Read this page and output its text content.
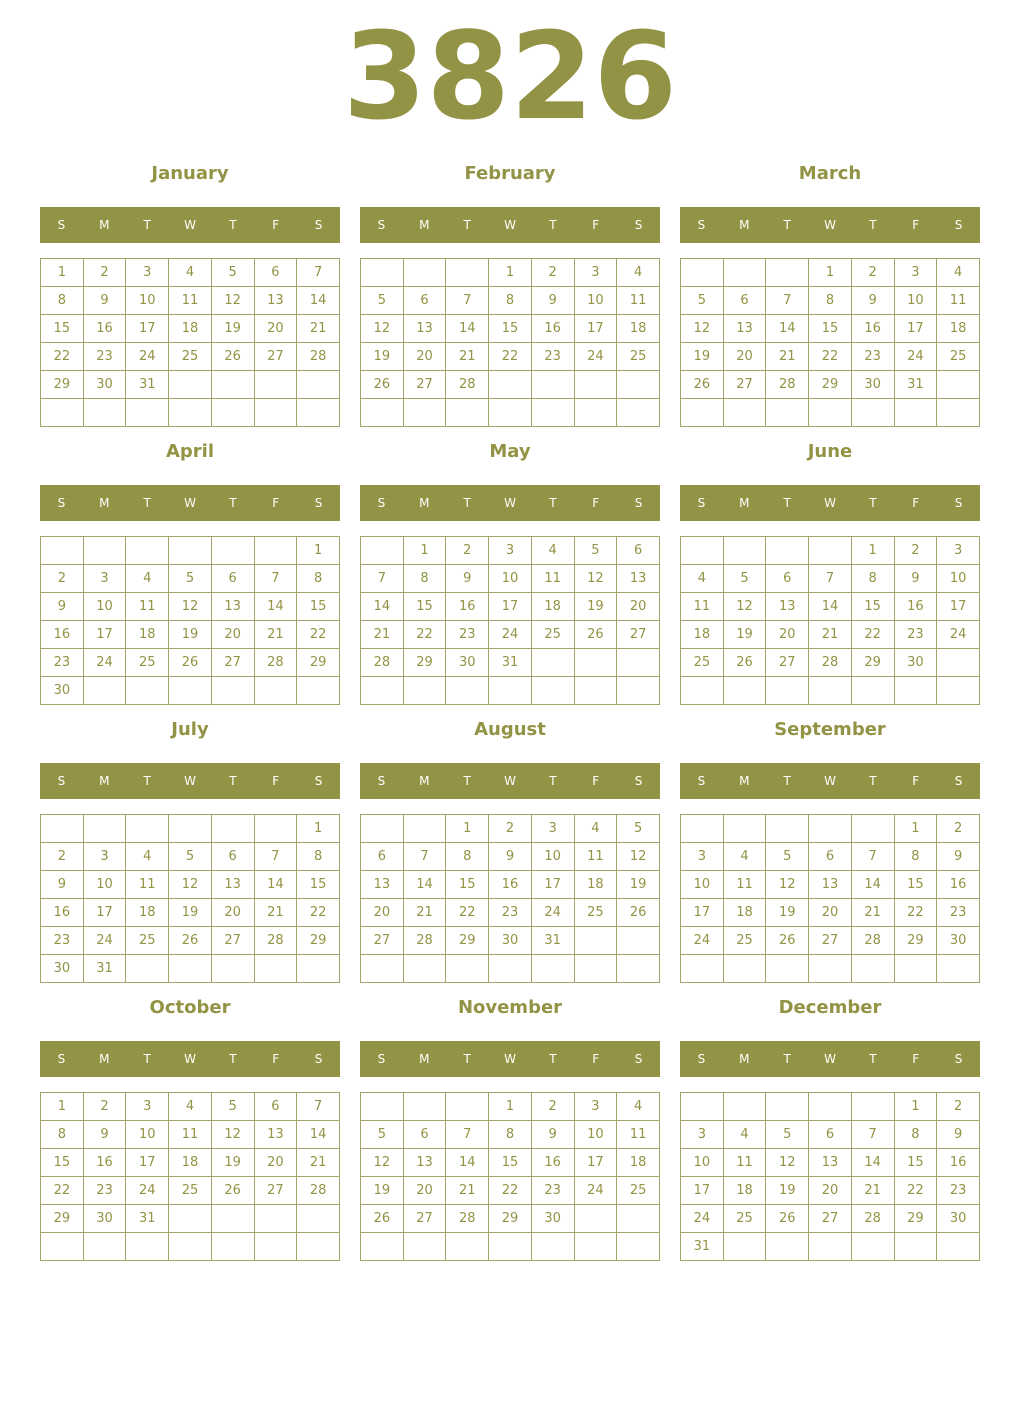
3826
January
S	M	T	W	T	F	S
1	2	3	4	5	6	7
8	9	10	11	12	13	14
15	16	17	18	19	20	21
22	23	24	25	26	27	28
29	30	31				

February
S	M	T	W	T	F	S
			1	2	3	4
5	6	7	8	9	10	11
12	13	14	15	16	17	18
19	20	21	22	23	24	25
26	27	28				

March
S	M	T	W	T	F	S
			1	2	3	4
5	6	7	8	9	10	11
12	13	14	15	16	17	18
19	20	21	22	23	24	25
26	27	28	29	30	31	

April
S	M	T	W	T	F	S
						1
2	3	4	5	6	7	8
9	10	11	12	13	14	15
16	17	18	19	20	21	22
23	24	25	26	27	28	29
30						
May
S	M	T	W	T	F	S
	1	2	3	4	5	6
7	8	9	10	11	12	13
14	15	16	17	18	19	20
21	22	23	24	25	26	27
28	29	30	31			

June
S	M	T	W	T	F	S
				1	2	3
4	5	6	7	8	9	10
11	12	13	14	15	16	17
18	19	20	21	22	23	24
25	26	27	28	29	30	

July
S	M	T	W	T	F	S
						1
2	3	4	5	6	7	8
9	10	11	12	13	14	15
16	17	18	19	20	21	22
23	24	25	26	27	28	29
30	31					
August
S	M	T	W	T	F	S
		1	2	3	4	5
6	7	8	9	10	11	12
13	14	15	16	17	18	19
20	21	22	23	24	25	26
27	28	29	30	31		

September
S	M	T	W	T	F	S
					1	2
3	4	5	6	7	8	9
10	11	12	13	14	15	16
17	18	19	20	21	22	23
24	25	26	27	28	29	30

October
S	M	T	W	T	F	S
1	2	3	4	5	6	7
8	9	10	11	12	13	14
15	16	17	18	19	20	21
22	23	24	25	26	27	28
29	30	31				

November
S	M	T	W	T	F	S
			1	2	3	4
5	6	7	8	9	10	11
12	13	14	15	16	17	18
19	20	21	22	23	24	25
26	27	28	29	30		

December
S	M	T	W	T	F	S
					1	2
3	4	5	6	7	8	9
10	11	12	13	14	15	16
17	18	19	20	21	22	23
24	25	26	27	28	29	30
31						
